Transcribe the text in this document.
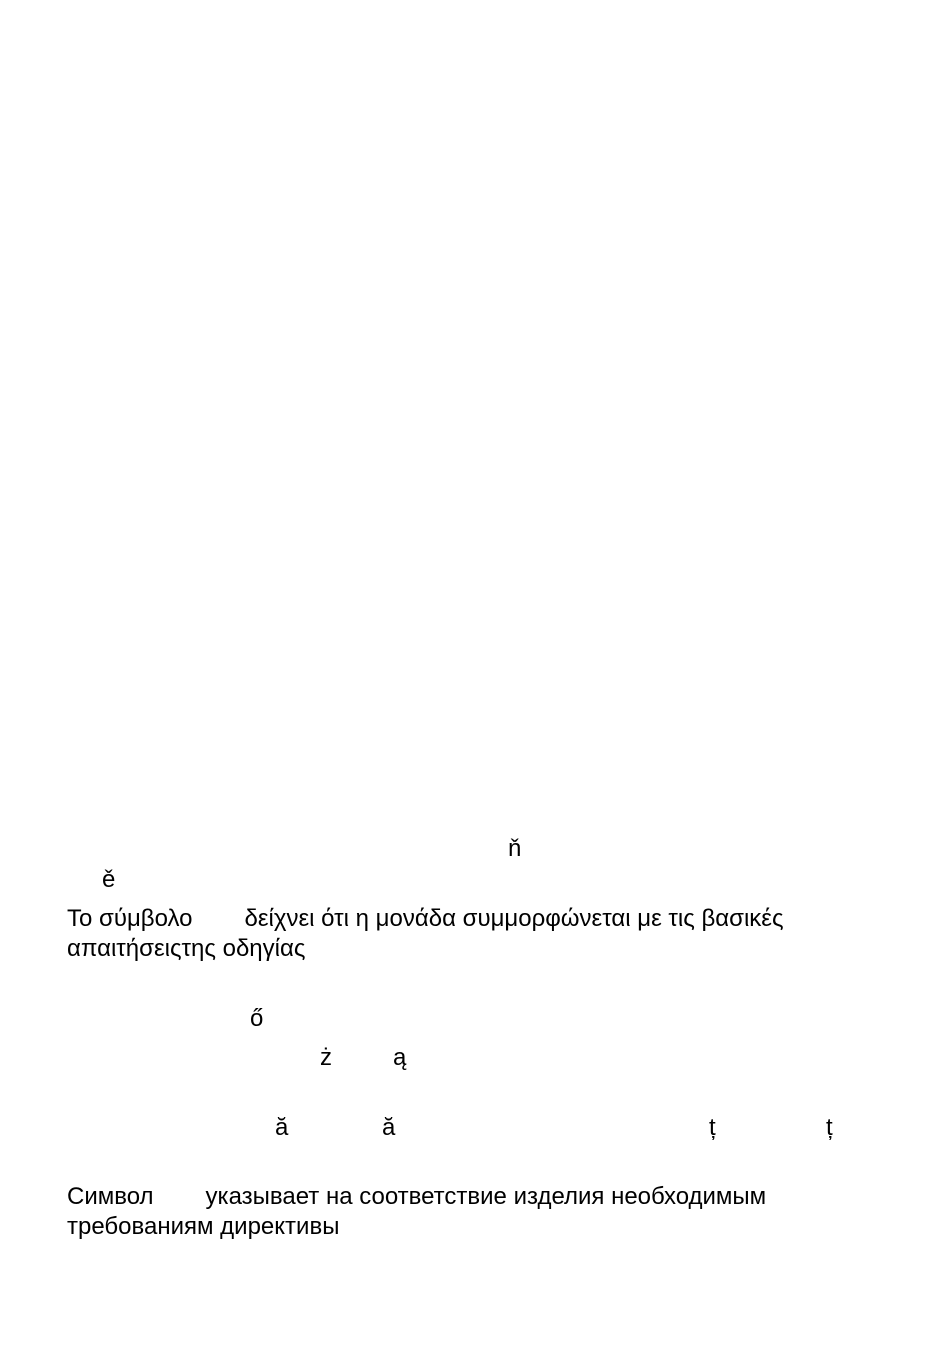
ň
ě
Το σύμβολο δείχνει ότι η μονάδα συμμορφώνεται με τις βασικές
απαιτήσειςτης οδηγίας
ő
ż	ą
ă	ă	ț	ț
Символ указывает на соответствие изделия необходимым
требованиям директивы
